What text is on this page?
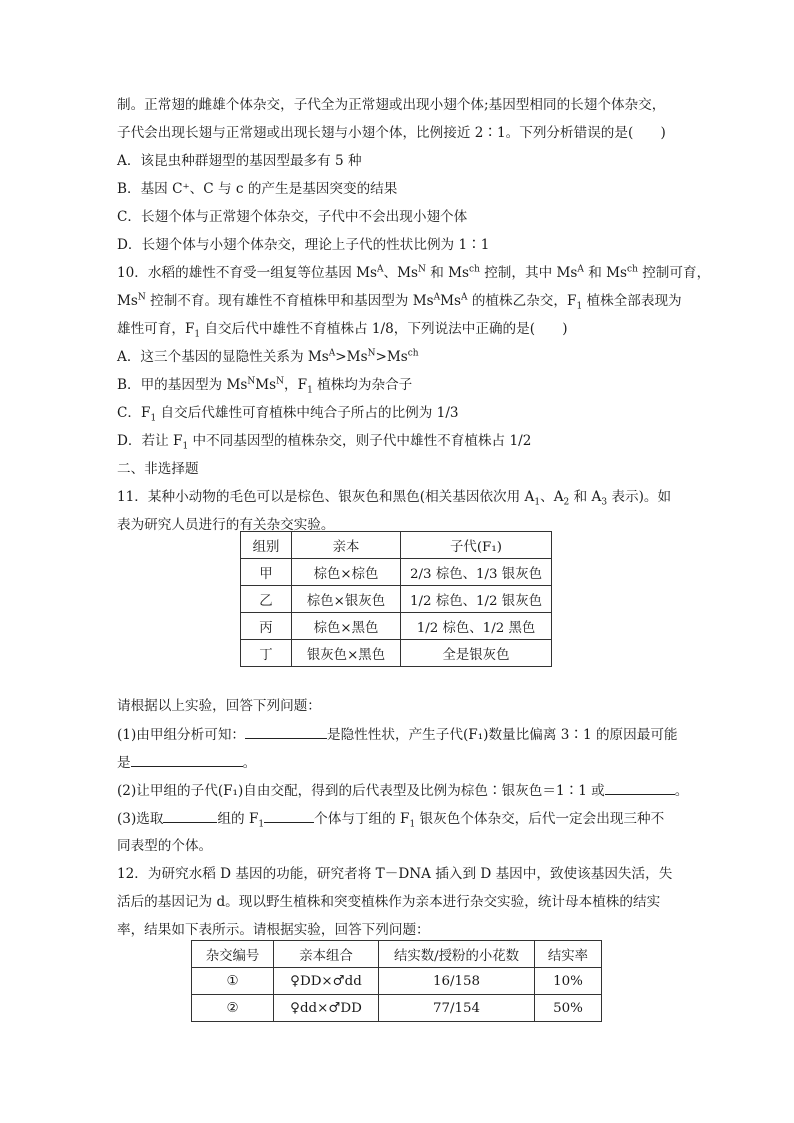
制。正常翅的雌雄个体杂交，子代全为正常翅或出现小翅个体;基因型相同的长翅个体杂交，
子代会出现长翅与正常翅或出现长翅与小翅个体，比例接近 2∶1。下列分析错误的是(　　)
A．该昆虫种群翅型的基因型最多有 5 种
B．基因 C⁺、C 与 c 的产生是基因突变的结果
C．长翅个体与正常翅个体杂交，子代中不会出现小翅个体
D．长翅个体与小翅个体杂交，理论上子代的性状比例为 1∶1
10．水稻的雄性不育受一组复等位基因 $Ms^A$、$Ms^N$ 和 $Ms^{ch}$ 控制，其中 $Ms^A$ 和 $Ms^{ch}$ 控制可育，
$Ms^N$ 控制不育。现有雄性不育植株甲和基因型为 $Ms^AMs^A$ 的植株乙杂交，$F_1$ 植株全部表现为
雄性可育，$F_1$ 自交后代中雄性不育植株占 1/8，下列说法中正确的是(　　)
A．这三个基因的显隐性关系为 $Ms^A>Ms^N>Ms^{ch}$
B．甲的基因型为 $Ms^NMs^N$，$F_1$ 植株均为杂合子
C．$F_1$ 自交后代雄性可育植株中纯合子所占的比例为 1/3
D．若让 $F_1$ 中不同基因型的植株杂交，则子代中雄性不育植株占 1/2
二、非选择题
11．某种小动物的毛色可以是棕色、银灰色和黑色(相关基因依次用 $A_1$、$A_2$ 和 $A_3$ 表示)。如
表为研究人员进行的有关杂交实验。
组别	亲本	子代(F₁)
甲	棕色×棕色	2/3 棕色、1/3 银灰色
乙	棕色×银灰色	1/2 棕色、1/2 银灰色
丙	棕色×黑色	1/2 棕色、1/2 黑色
丁	银灰色×黑色	全是银灰色
请根据以上实验，回答下列问题：
(1)由甲组分析可知：	是隐性性状，产生子代(F₁)数量比偏离 3∶1 的原因最可能
是	。
(2)让甲组的子代(F₁)自由交配，得到的后代表型及比例为棕色∶银灰色＝1∶1 或	。
(3)选取	组的 $F_1$	个体与丁组的 $F_1$ 银灰色个体杂交，后代一定会出现三种不
同表型的个体。
12．为研究水稻 D 基因的功能，研究者将 T－DNA 插入到 D 基因中，致使该基因失活，失
活后的基因记为 d。现以野生植株和突变植株作为亲本进行杂交实验，统计母本植株的结实
率，结果如下表所示。请根据实验，回答下列问题：
杂交编号	亲本组合	结实数/授粉的小花数	结实率
①	♀DD×♂dd	16/158	10%
②	♀dd×♂DD	77/154	50%
